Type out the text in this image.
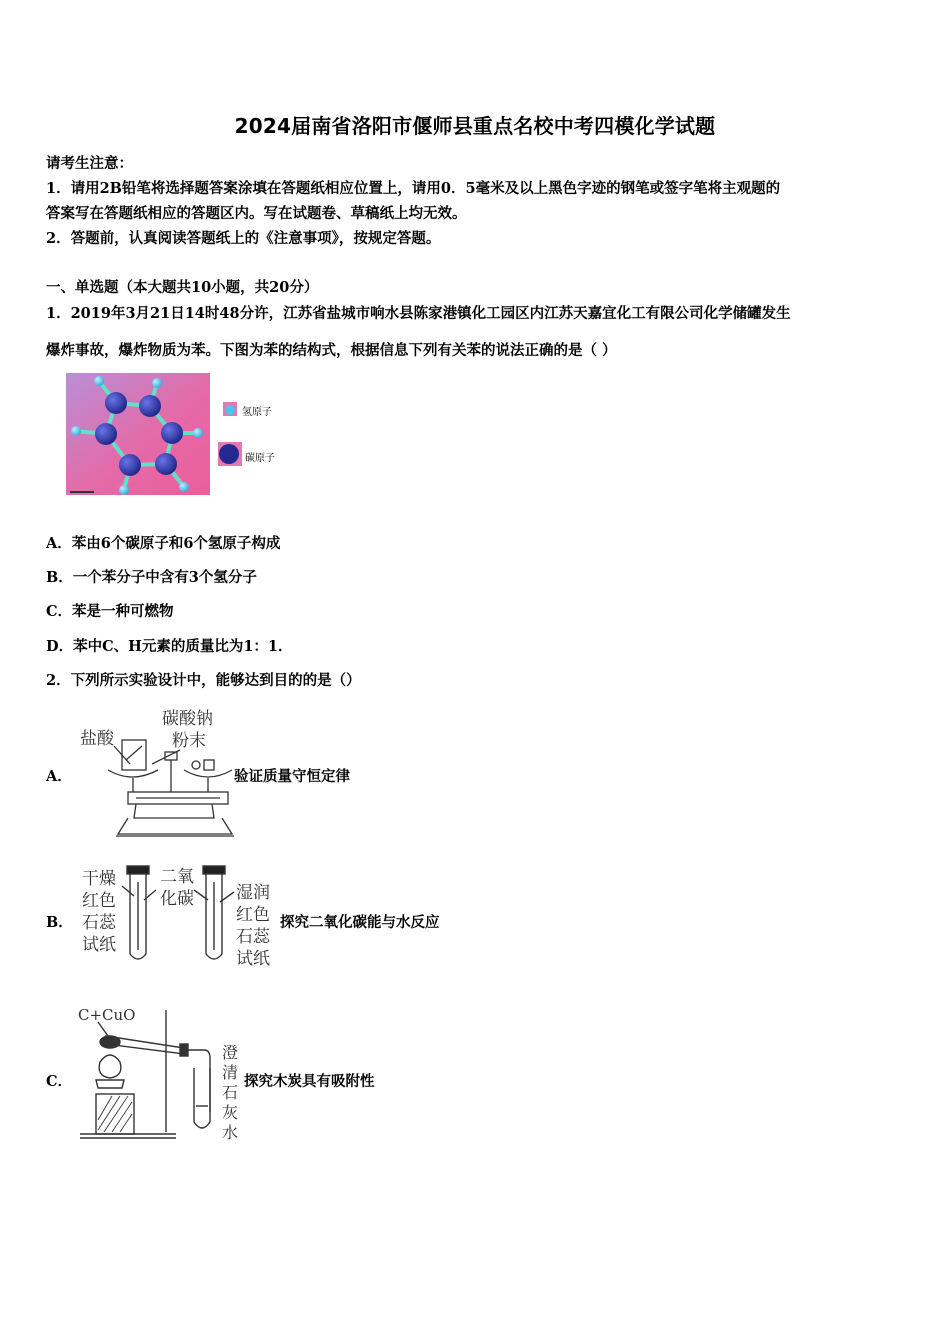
2024届南省洛阳市偃师县重点名校中考四模化学试题
请考生注意：
1．请用2B铅笔将选择题答案涂填在答题纸相应位置上，请用0．5毫米及以上黑色字迹的钢笔或签字笔将主观题的
答案写在答题纸相应的答题区内。写在试题卷、草稿纸上均无效。
2．答题前，认真阅读答题纸上的《注意事项》，按规定答题。
一、单选题（本大题共10小题，共20分）
1．2019年3月21日14时48分许，江苏省盐城市响水县陈家港镇化工园区内江苏天嘉宜化工有限公司化学储罐发生
爆炸事故，爆炸物质为苯。下图为苯的结构式，根据信息下列有关苯的说法正确的是（ ）
氢原子
碳原子
A．苯由6个碳原子和6个氢原子构成
B．一个苯分子中含有3个氢分子
C．苯是一种可燃物
D．苯中C、H元素的质量比为1：1．
2．下列所示实验设计中，能够达到目的的是（）
A．
盐酸
碳酸钠
粉末
验证质量守恒定律
B．
干燥
红色
石蕊
试纸
二氧
化碳 湿润
红色
石蕊
试纸
探究二氧化碳能与水反应
C．
C+CuO
澄
清
石
灰
水
探究木炭具有吸附性
